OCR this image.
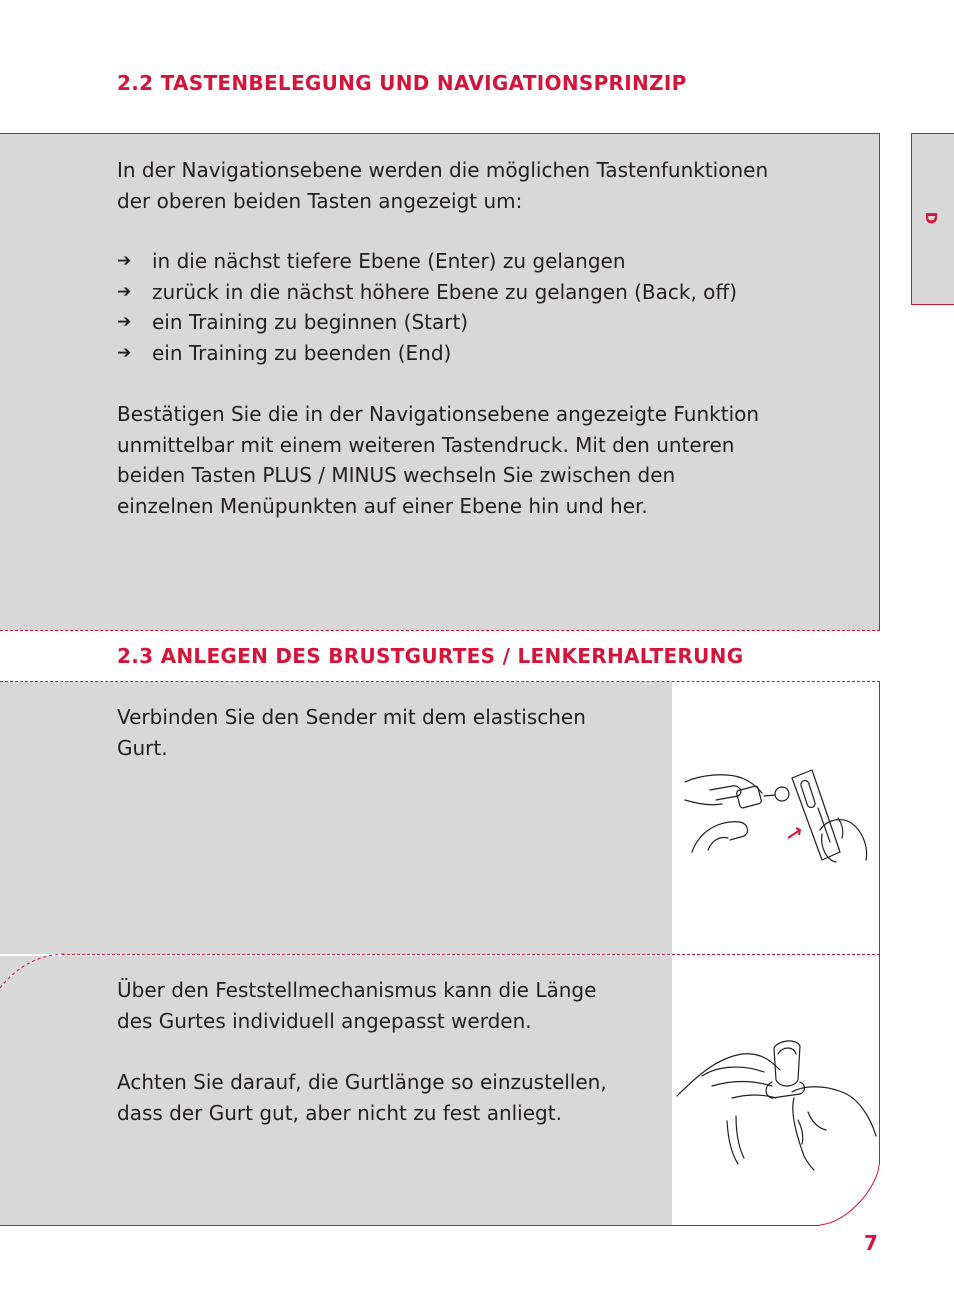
2.2 TASTENBELEGUNG UND NAVIGATIONSPRINZIP
D
In der Navigationsebene werden die möglichen Tastenfunktionen
der oberen beiden Tasten angezeigt um:
➔ in die nächst tiefere Ebene (Enter) zu gelangen
➔ zurück in die nächst höhere Ebene zu gelangen (Back, off)
➔ ein Training zu beginnen (Start)
➔ ein Training zu beenden (End)
Bestätigen Sie die in der Navigationsebene angezeigte Funktion
unmittelbar mit einem weiteren Tastendruck. Mit den unteren
beiden Tasten PLUS / MINUS wechseln Sie zwischen den
einzelnen Menüpunkten auf einer Ebene hin und her.
2.3 ANLEGEN DES BRUSTGURTES / LENKERHALTERUNG
Verbinden Sie den Sender mit dem elastischen
Gurt.
Über den Feststellmechanismus kann die Länge
des Gurtes individuell angepasst werden.
Achten Sie darauf, die Gurtlänge so einzustellen,
dass der Gurt gut, aber nicht zu fest anliegt.
7
